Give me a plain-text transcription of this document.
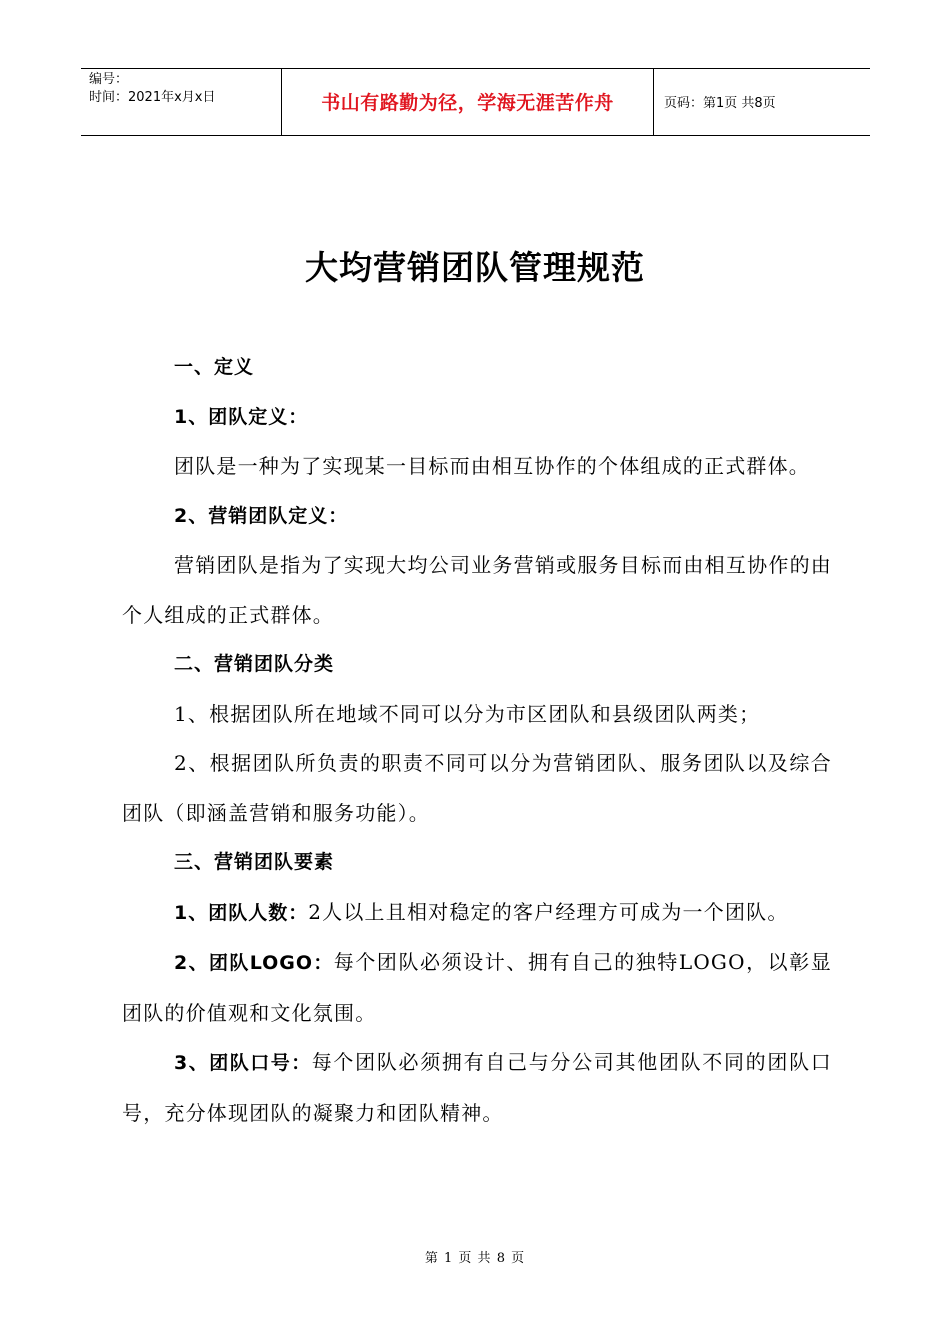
编号：
时间：2021年x月x日	书山有路勤为径，学海无涯苦作舟	页码：第1页 共8页
大均营销团队管理规范

一、定义

1、团队定义：

团队是一种为了实现某一目标而由相互协作的个体组成的正式群体。

2、营销团队定义：

营销团队是指为了实现大均公司业务营销或服务目标而由相互协作的由个人组成的正式群体。

二、营销团队分类

1、根据团队所在地域不同可以分为市区团队和县级团队两类；

2、根据团队所负责的职责不同可以分为营销团队、服务团队以及综合团队（即涵盖营销和服务功能）。

三、营销团队要素

1、团队人数：2人以上且相对稳定的客户经理方可成为一个团队。

2、团队LOGO：每个团队必须设计、拥有自己的独特LOGO，以彰显团队的价值观和文化氛围。

3、团队口号：每个团队必须拥有自己与分公司其他团队不同的团队口号，充分体现团队的凝聚力和团队精神。

第 1 页 共 8 页
